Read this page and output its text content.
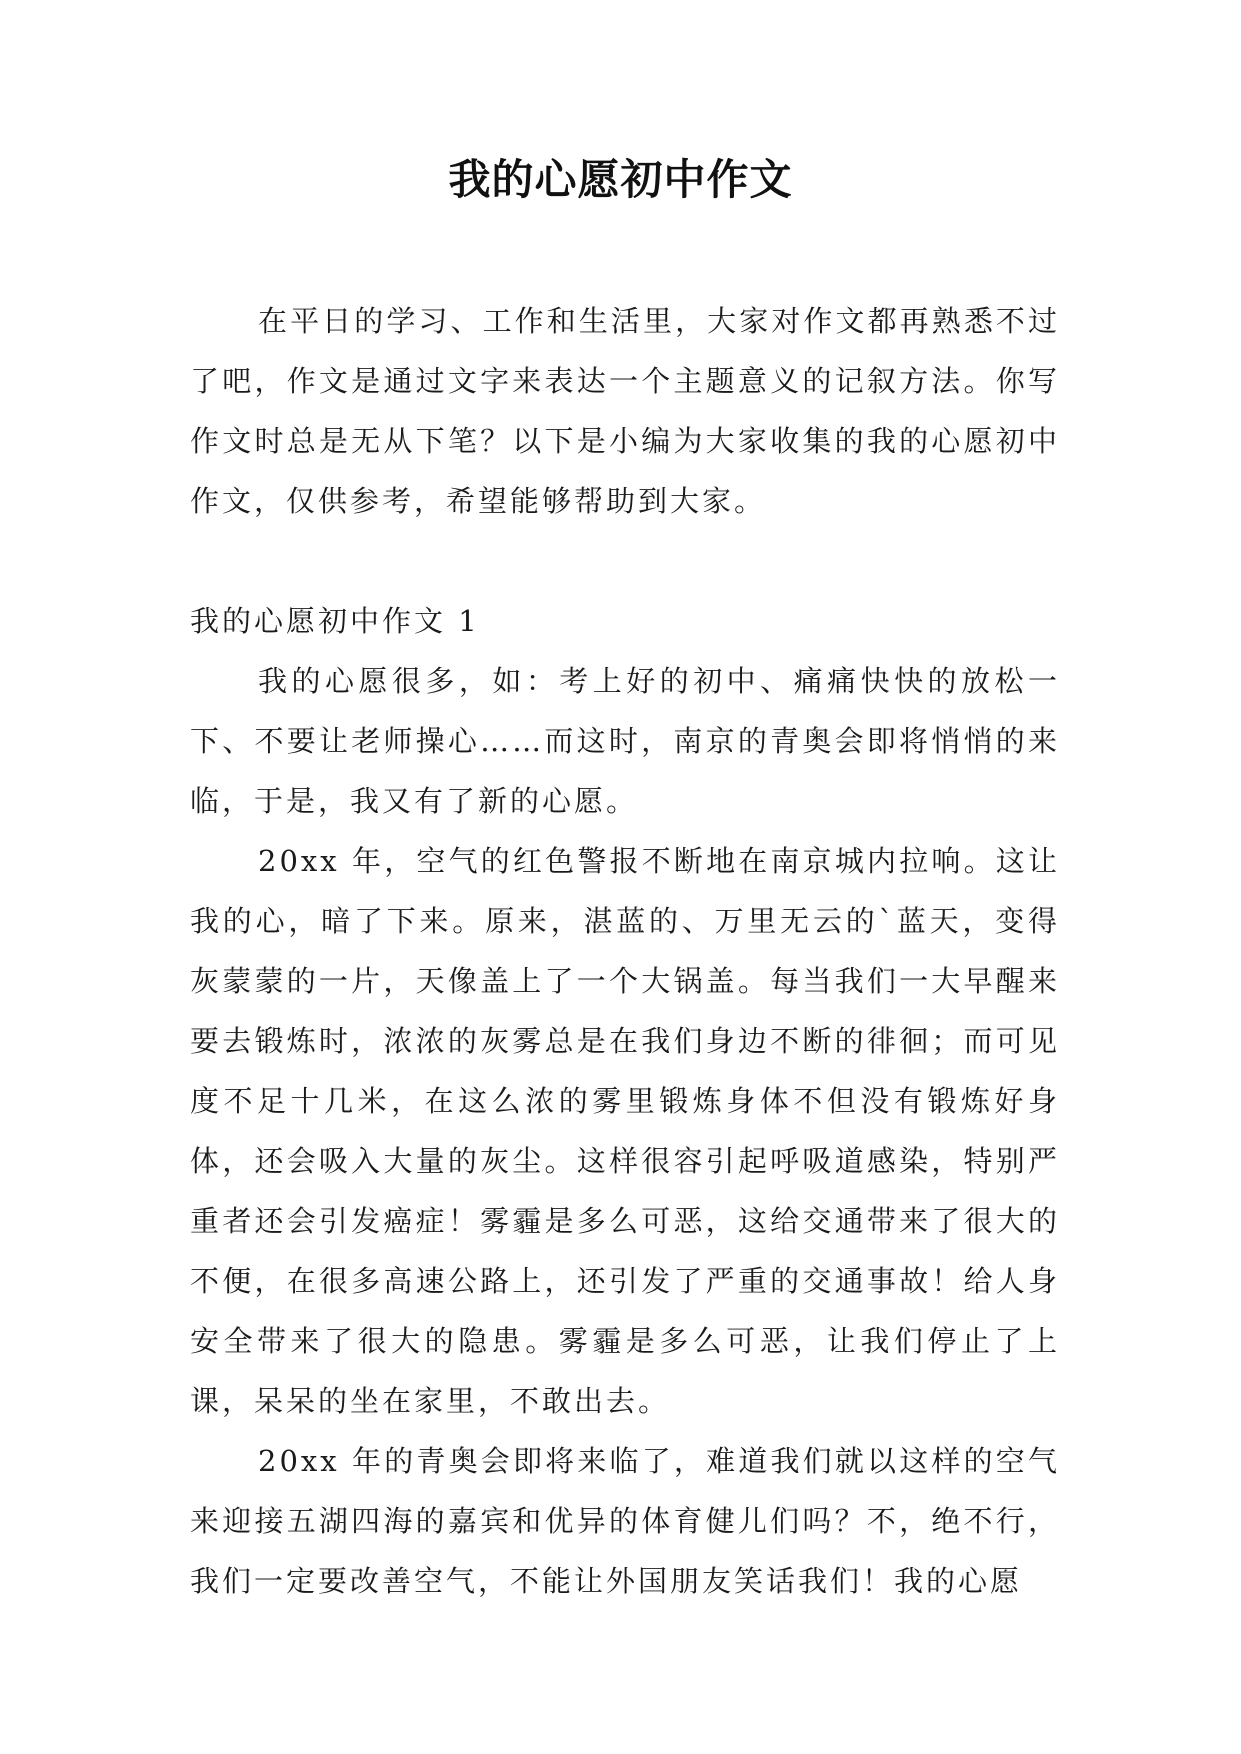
我的心愿初中作文

在平日的学习、工作和生活里，大家对作文都再熟悉不过了吧，作文是通过文字来表达一个主题意义的记叙方法。你写作文时总是无从下笔？以下是小编为大家收集的我的心愿初中作文，仅供参考，希望能够帮助到大家。

我的心愿初中作文 1

我的心愿很多，如：考上好的初中、痛痛快快的放松一下、不要让老师操心……而这时，南京的青奥会即将悄悄的来临，于是，我又有了新的心愿。

20xx 年，空气的红色警报不断地在南京城内拉响。这让我的心，暗了下来。原来，湛蓝的、万里无云的`蓝天，变得灰蒙蒙的一片，天像盖上了一个大锅盖。每当我们一大早醒来要去锻炼时，浓浓的灰雾总是在我们身边不断的徘徊；而可见度不足十几米，在这么浓的雾里锻炼身体不但没有锻炼好身体，还会吸入大量的灰尘。这样很容引起呼吸道感染，特别严重者还会引发癌症！雾霾是多么可恶，这给交通带来了很大的不便，在很多高速公路上，还引发了严重的交通事故！给人身安全带来了很大的隐患。雾霾是多么可恶，让我们停止了上课，呆呆的坐在家里，不敢出去。

20xx 年的青奥会即将来临了，难道我们就以这样的空气来迎接五湖四海的嘉宾和优异的体育健儿们吗？不，绝不行，我们一定要改善空气，不能让外国朋友笑话我们！我的心愿
